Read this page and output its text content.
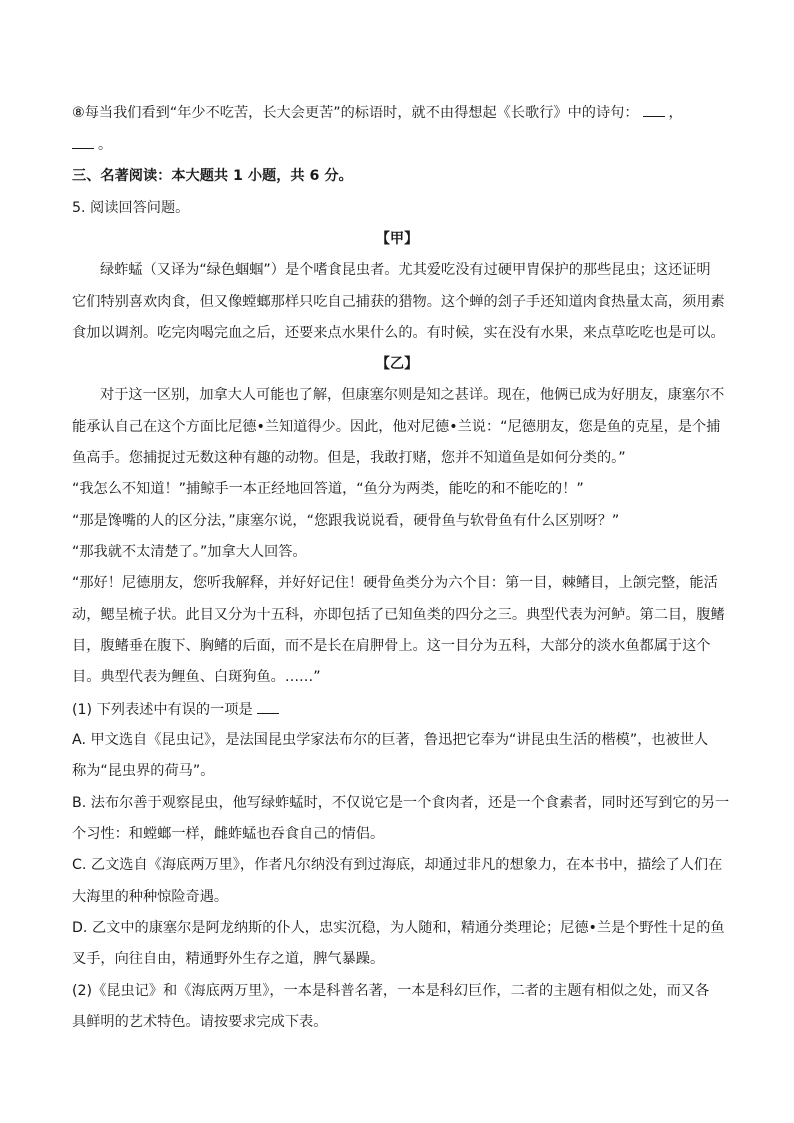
⑧每当我们看到“年少不吃苦，长大会更苦”的标语时，就不由得想起《长歌行》中的诗句： ，
。
三、名著阅读：本大题共 1 小题，共 6 分。
5. 阅读回答问题。
【甲】
绿蚱蜢（又译为“绿色蝈蝈”）是个嗜食昆虫者。尤其爱吃没有过硬甲胄保护的那些昆虫；这还证明
它们特别喜欢肉食，但又像螳螂那样只吃自己捕获的猎物。这个蝉的刽子手还知道肉食热量太高，须用素
食加以调剂。吃完肉喝完血之后，还要来点水果什么的。有时候，实在没有水果，来点草吃吃也是可以。
【乙】
对于这一区别，加拿大人可能也了解，但康塞尔则是知之甚详。现在，他俩已成为好朋友，康塞尔不
能承认自己在这个方面比尼德•兰知道得少。因此，他对尼德•兰说：“尼德朋友，您是鱼的克星，是个捕
鱼高手。您捕捉过无数这种有趣的动物。但是，我敢打赌，您并不知道鱼是如何分类的。”
“我怎么不知道！”捕鲸手一本正经地回答道，“鱼分为两类，能吃的和不能吃的！”
“那是馋嘴的人的区分法，”康塞尔说，“您跟我说说看，硬骨鱼与软骨鱼有什么区别呀？”
“那我就不太清楚了。”加拿大人回答。
“那好！尼德朋友，您听我解释，并好好记住！硬骨鱼类分为六个目：第一目，棘鳍目，上颌完整，能活
动，鳃呈梳子状。此目又分为十五科，亦即包括了已知鱼类的四分之三。典型代表为河鲈。第二目，腹鳍
目，腹鳍垂在腹下、胸鳍的后面，而不是长在肩胛骨上。这一目分为五科，大部分的淡水鱼都属于这个
目。典型代表为鲤鱼、白斑狗鱼。……”
(1) 下列表述中有误的一项是
A. 甲文选自《昆虫记》，是法国昆虫学家法布尔的巨著，鲁迅把它奉为“讲昆虫生活的楷模”，也被世人
称为“昆虫界的荷马”。
B. 法布尔善于观察昆虫，他写绿蚱蜢时，不仅说它是一个食肉者，还是一个食素者，同时还写到它的另一
个习性：和螳螂一样，雌蚱蜢也吞食自己的情侣。
C. 乙文选自《海底两万里》，作者凡尔纳没有到过海底，却通过非凡的想象力，在本书中，描绘了人们在
大海里的种种惊险奇遇。
D. 乙文中的康塞尔是阿龙纳斯的仆人，忠实沉稳，为人随和，精通分类理论；尼德•兰是个野性十足的鱼
叉手，向往自由，精通野外生存之道，脾气暴躁。
(2)《昆虫记》和《海底两万里》，一本是科普名著，一本是科幻巨作，二者的主题有相似之处，而又各
具鲜明的艺术特色。请按要求完成下表。
